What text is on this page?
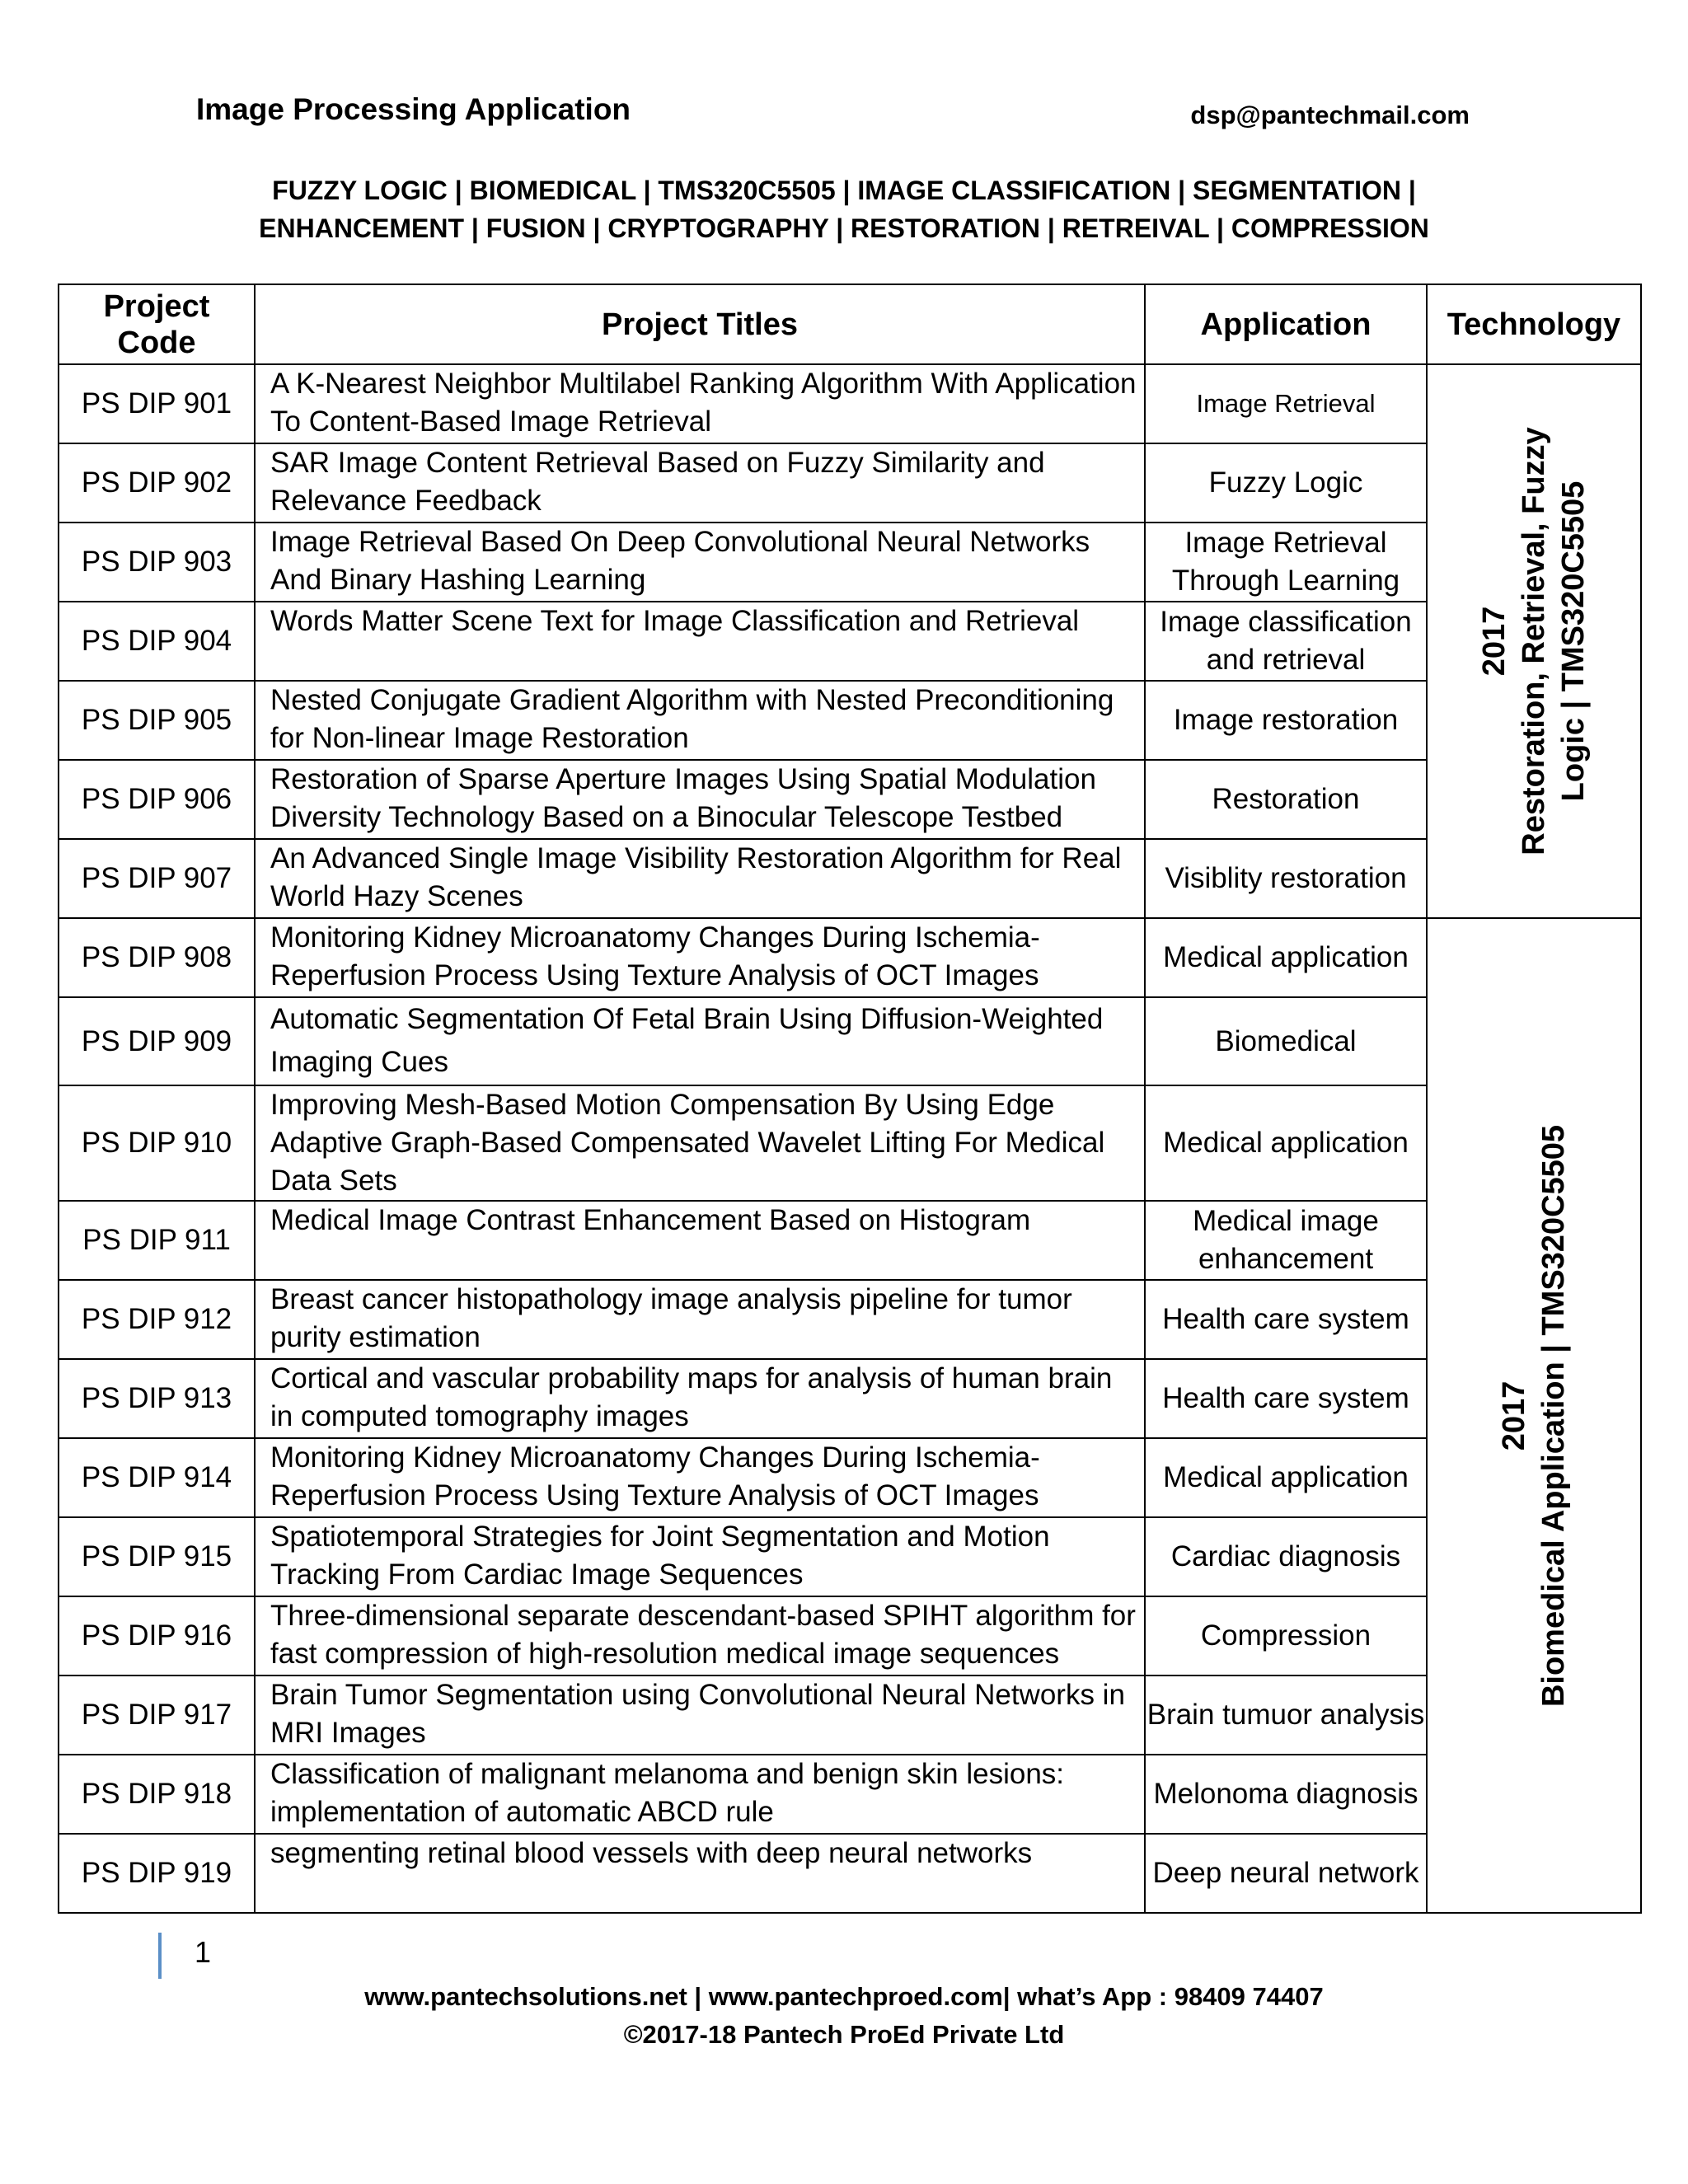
Image Processing Application	dsp@pantechmail.com
FUZZY LOGIC | BIOMEDICAL | TMS320C5505 | IMAGE CLASSIFICATION | SEGMENTATION |
ENHANCEMENT | FUSION | CRYPTOGRAPHY | RESTORATION | RETREIVAL | COMPRESSION
Project
Code	Project Titles	Application	Technology
PS DIP 901	A K-Nearest Neighbor Multilabel Ranking Algorithm With Application To Content-Based Image Retrieval	Image Retrieval	2017 Restoration, Retrieval, Fuzzy Logic | TMS320C5505

PS DIP 902	SAR Image Content Retrieval Based on Fuzzy Similarity and Relevance Feedback	Fuzzy Logic	
PS DIP 903	Image Retrieval Based On Deep Convolutional Neural Networks And Binary Hashing Learning	Image Retrieval Through Learning	
PS DIP 904	Words Matter Scene Text for Image Classification and Retrieval	Image classification and retrieval	
PS DIP 905	Nested Conjugate Gradient Algorithm with Nested Preconditioning for Non-linear Image Restoration	Image restoration	
PS DIP 906	Restoration of Sparse Aperture Images Using Spatial Modulation Diversity Technology Based on a Binocular Telescope Testbed	Restoration	
PS DIP 907	An Advanced Single Image Visibility Restoration Algorithm for Real World Hazy Scenes	Visiblity restoration	
PS DIP 908	Monitoring Kidney Microanatomy Changes During Ischemia-Reperfusion Process Using Texture Analysis of OCT Images	Medical application	2017 Biomedical Application | TMS320C5505

PS DIP 909	Automatic Segmentation Of Fetal Brain Using Diffusion-Weighted Imaging Cues	Biomedical	
PS DIP 910	Improving Mesh-Based Motion Compensation By Using Edge Adaptive Graph-Based Compensated Wavelet Lifting For Medical Data Sets	Medical application	
PS DIP 911	Medical Image Contrast Enhancement Based on Histogram	Medical image enhancement	
PS DIP 912	Breast cancer histopathology image analysis pipeline for tumor purity estimation	Health care system	
PS DIP 913	Cortical and vascular probability maps for analysis of human brain in computed tomography images	Health care system	
PS DIP 914	Monitoring Kidney Microanatomy Changes During Ischemia-Reperfusion Process Using Texture Analysis of OCT Images	Medical application	
PS DIP 915	Spatiotemporal Strategies for Joint Segmentation and Motion Tracking From Cardiac Image Sequences	Cardiac diagnosis	
PS DIP 916	Three-dimensional separate descendant-based SPIHT algorithm for fast compression of high-resolution medical image sequences	Compression	
PS DIP 917	Brain Tumor Segmentation using Convolutional Neural Networks in MRI Images	Brain tumuor analysis	
PS DIP 918	Classification of malignant melanoma and benign skin lesions: implementation of automatic ABCD rule	Melonoma diagnosis	
PS DIP 919	segmenting retinal blood vessels with deep neural networks	Deep neural network	
1
www.pantechsolutions.net | www.pantechproed.com| what’s App : 98409 74407
©2017-18 Pantech ProEd Private Ltd
